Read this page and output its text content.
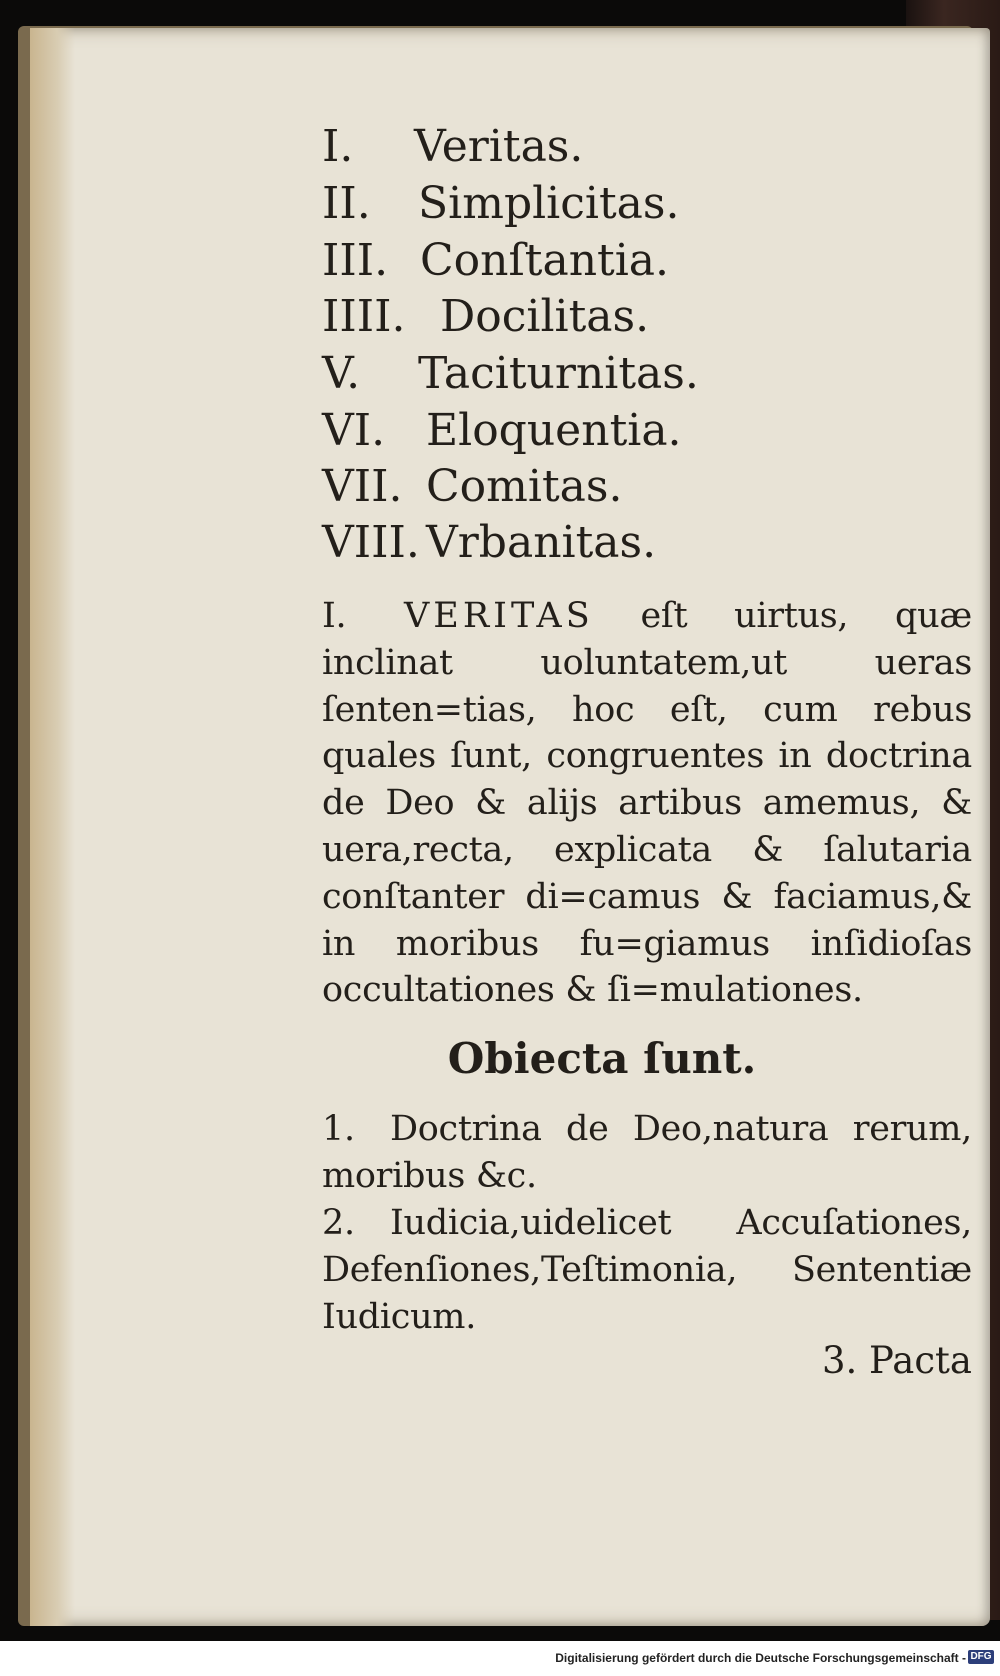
I. Veritas.
II. Simplicitas.
III. Conſtantia.
IIII. Docilitas.
V. Taciturnitas.
VI. Eloquentia.
VII. Comitas.
VIII. Vrbanitas.
I. VERITAS eſt uirtus, quæ inclinat uoluntatem,ut ueras ſenten=tias, hoc eſt, cum rebus quales ſunt, congruentes in doctrina de Deo & alijs artibus amemus, & uera,recta, explicata & ſalutaria conſtanter di=camus & faciamus,& in moribus fu=giamus inſidioſas occultationes & ſi=mulationes.
Obiecta ſunt.
1. Doctrina de Deo,natura rerum, moribus &c.
2. Iudicia,uidelicet Accuſationes, Defenſiones,Teſtimonia, Sententiæ Iudicum.
3. Pacta
Digitalisierung gefördert durch die Deutsche Forschungsgemeinschaft - DFG
